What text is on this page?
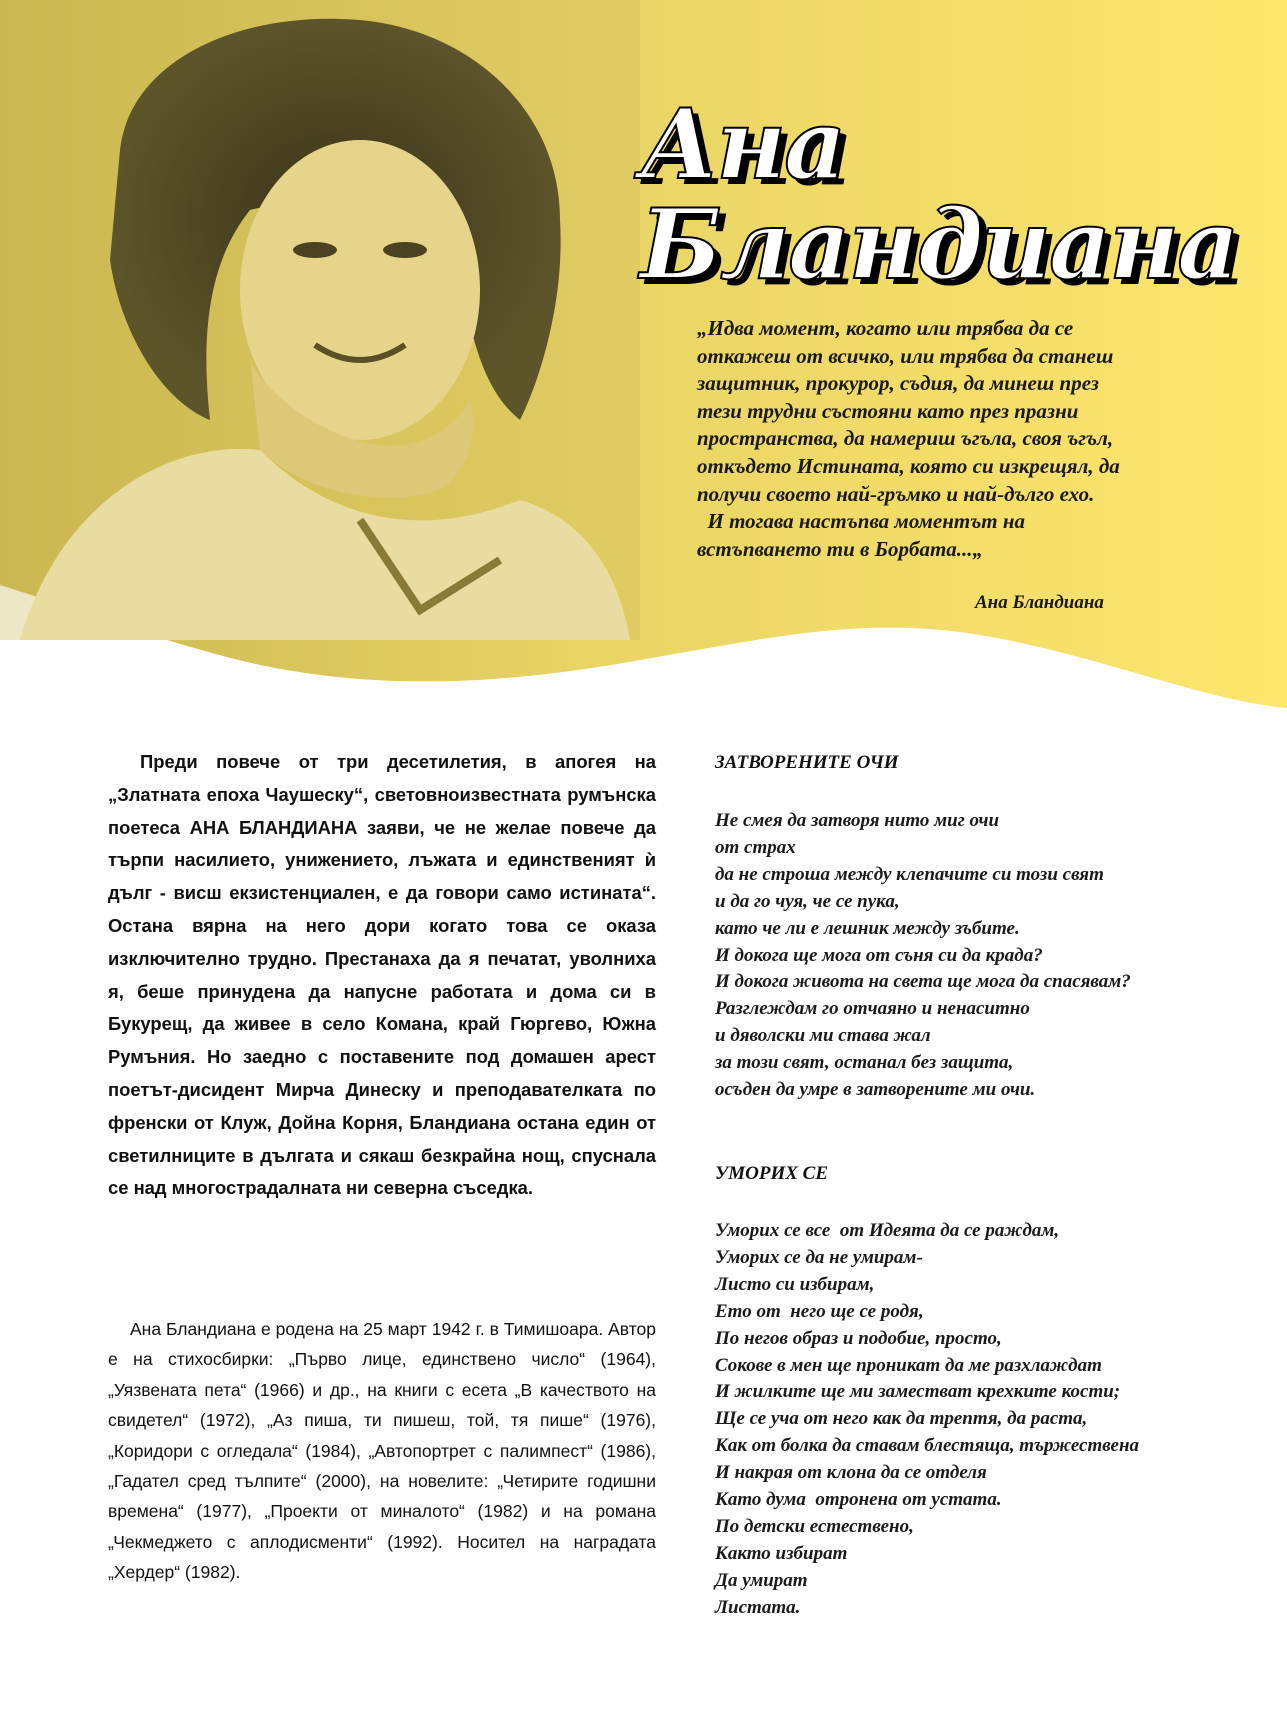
Ана
Бландиана

„Идва момент, когато или трябва да се

откажеш от всичко, или трябва да станеш

защитник, прокурор, съдия, да минеш през

тези трудни състояни като през празни

пространства, да намериш ъгъла, своя ъгъл,

откъдето Истината, която си изкрещял, да

получи своето най-гръмко и най-дълго ехо.

И тогава настъпва моментът на

встъпването ти в Борбата...„

Ана Бландиана

Преди повече от три десетилетия, в апогея на „Златната епоха Чаушеску“, световноизвестната румънска поетеса АНА БЛАНДИАНА заяви, че не желае повече да търпи насилието, унижението, лъжата и единственият ѝ дълг - висш екзистенциален, е да говори само истината“. Остана вярна на него дори когато това се оказа изключително трудно. Престанаха да я печатат, уволниха я, беше принудена да напусне работата и дома си в Букурещ, да живее в село Комана, край Гюргево, Южна Румъния. Но заедно с поставените под домашен арест поетът-дисидент Мирча Динеску и преподавателката по френски от Клуж, Дойна Корня, Бландиана остана един от светилниците в дългата и сякаш безкрайна нощ, спуснала се над многострадалната ни северна съседка.

Ана Бландиана е родена на 25 март 1942 г. в Тимишоара. Автор е на стихосбирки: „Първо лице, единствено число“ (1964), „Уязвената пета“ (1966) и др., на книги с есета „В качеството на свидетел“ (1972), „Аз пиша, ти пишеш, той, тя пише“ (1976), „Коридори с огледала“ (1984), „Автопортрет с палимпест“ (1986), „Гадател сред тълпите“ (2000), на новелите: „Четирите годишни времена“ (1977), „Проекти от миналото“ (1982) и на романа „Чекмеджето с аплодисменти“ (1992). Носител на наградата „Хердер“ (1982).

ЗАТВОРЕНИТЕ ОЧИ
Не смея да затворя нито миг очи
от страх
да не строша между клепачите си този свят
и да го чуя, че се пука,
като че ли е лешник между зъбите.
И докога ще мога от съня си да крада?
И докога живота на света ще мога да спасявам?
Разглеждам го отчаяно и ненаситно
и дяволски ми става жал
за този свят, останал без защита,
осъден да умре в затворените ми очи.
УМОРИХ СЕ
Уморих се все  от Идеята да се раждам,
Уморих се да не умирам-
Листо си избирам,
Ето от  него ще се родя,
По негов образ и подобие, просто,
Сокове в мен ще проникат да ме разхлаждат
И жилките ще ми заместват крехките кости;
Ще се уча от него как да трептя, да раста,
Как от болка да ставам блестяща, тържествена
И накрая от клона да се отделя
Като дума  отронена от устата.
По детски естествено,
Както избират
Да умират
Листата.
